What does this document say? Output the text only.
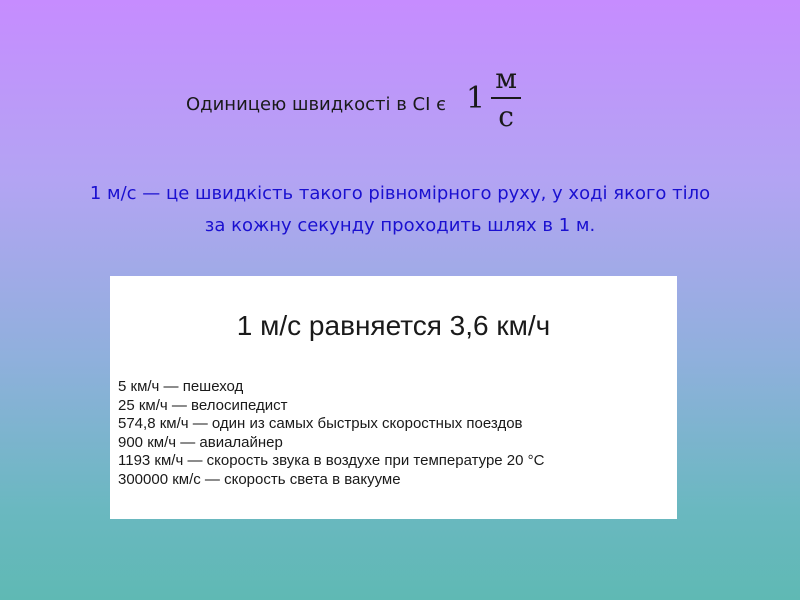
Одиницею швидкості в СІ є $1 \frac{м}{с}$
1 м/с — це швидкість такого рівномірного руху, у ході якого тіло
за кожну секунду проходить шлях в 1 м.
1 м/с равняется 3,6 км/ч
5 км/ч — пешеход
25 км/ч — велосипедист
574,8 км/ч — один из самых быстрых скоростных поездов
900 км/ч — авиалайнер
1193 км/ч — скорость звука в воздухе при температуре 20 °С
300000 км/с — скорость света в вакууме
